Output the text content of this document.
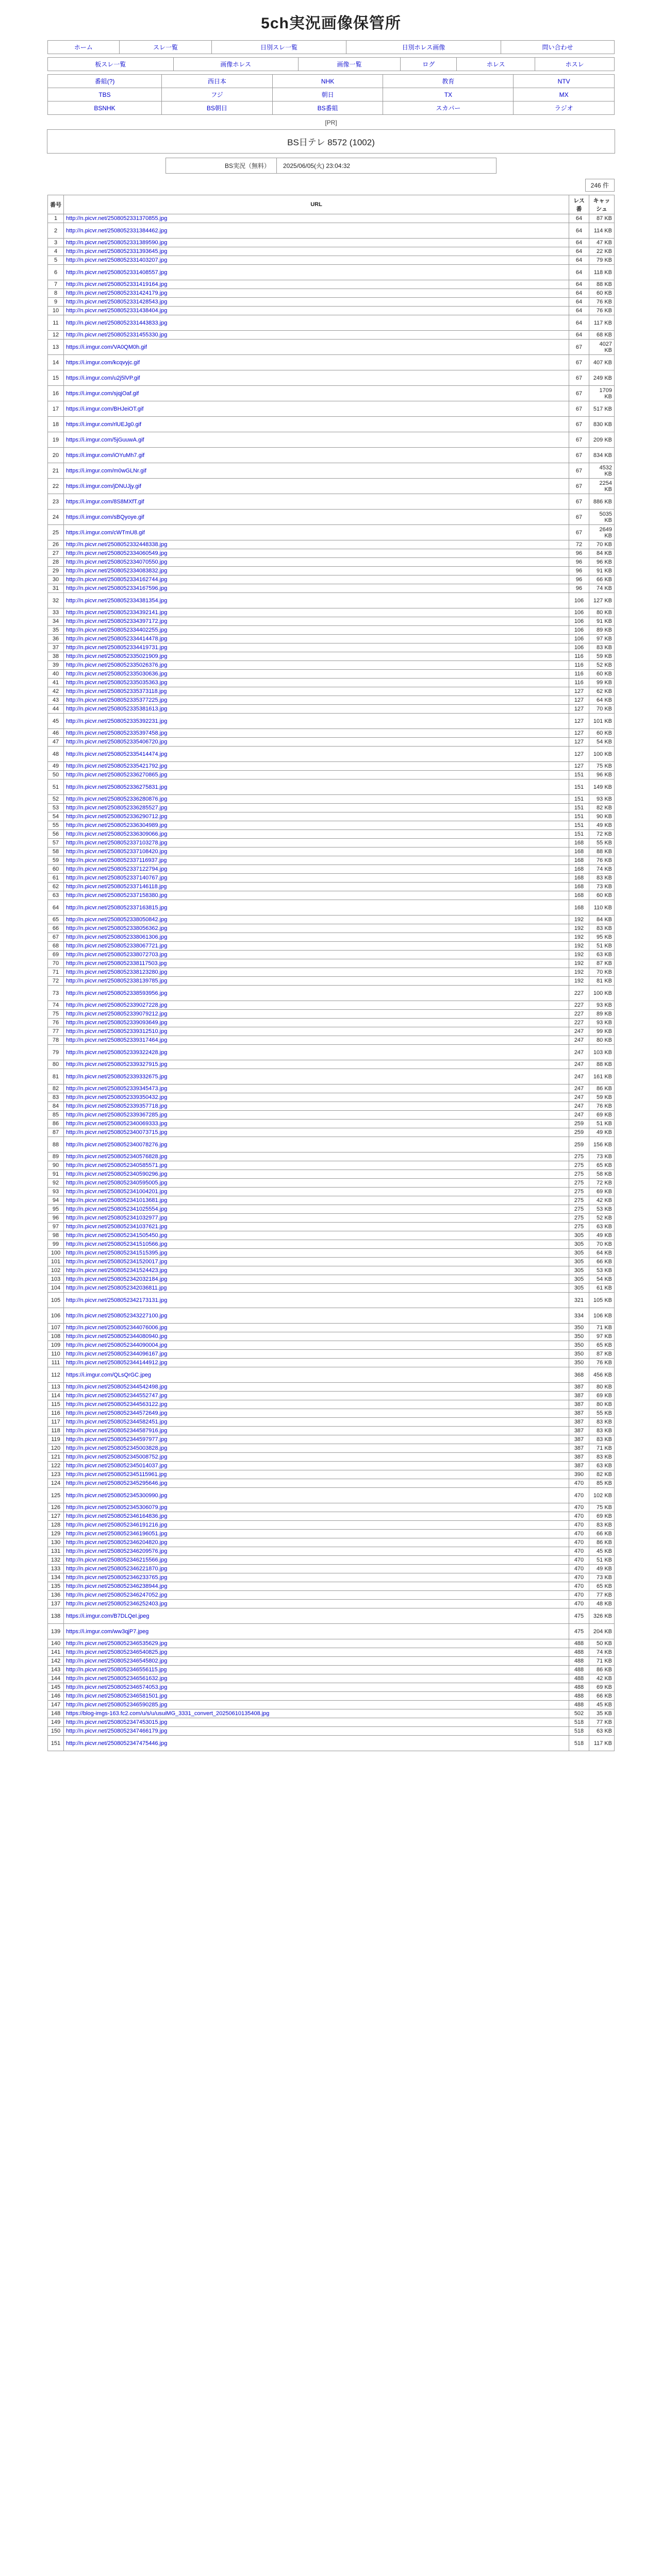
5ch実況画像保管所
ホーム	スレ一覧	日別スレ一覧	日別ホレス画像	問い合わせ
板スレ一覧	画像ホレス	画像一覧	ログ	ホレス	ホスレ
番組(?)	西日本	NHK	教育	NTV
TBS	フジ	朝日	TX	MX
BSNHK	BS朝日	BS番組	スカパー	ラジオ
[PR]
BS日テレ 8572 (1002)
BS実況（無料）	2025/06/05(火) 23:04:32
246 件
番号	URL	レス番	キャッシュ
1	http://n.picvr.net/2508052331370855.jpg	64	87 KB
2	http://n.picvr.net/2508052331384462.jpg	64	114 KB
3	http://n.picvr.net/2508052331389590.jpg	64	47 KB
4	http://n.picvr.net/2508052331393645.jpg	64	22 KB
5	http://n.picvr.net/2508052331403207.jpg	64	79 KB
6	http://n.picvr.net/2508052331408557.jpg	64	118 KB
7	http://n.picvr.net/2508052331419164.jpg	64	88 KB
8	http://n.picvr.net/2508052331424179.jpg	64	60 KB
9	http://n.picvr.net/2508052331428543.jpg	64	76 KB
10	http://n.picvr.net/2508052331438404.jpg	64	76 KB
11	http://n.picvr.net/2508052331443833.jpg	64	117 KB
12	http://n.picvr.net/2508052331455330.jpg	64	68 KB
13	https://i.imgur.com/VA0QM0h.gif	67	4027 KB
14	https://i.imgur.com/kcqvyjc.gif	67	407 KB
15	https://i.imgur.com/u2j5lVP.gif	67	249 KB
16	https://i.imgur.com/sjqjOaf.gif	67	1709 KB
17	https://i.imgur.com/BHJeiOT.gif	67	517 KB
18	https://i.imgur.com/rlUEJg0.gif	67	830 KB
19	https://i.imgur.com/5jGuuwA.gif	67	209 KB
20	https://i.imgur.com/iOYuMh7.gif	67	834 KB
21	https://i.imgur.com/m0wGLNr.gif	67	4532 KB
22	https://i.imgur.com/jDNUJjy.gif	67	2254 KB
23	https://i.imgur.com/8S8MXfT.gif	67	886 KB
24	https://i.imgur.com/sBQyoye.gif	67	5035 KB
25	https://i.imgur.com/cWTmU8.gif	67	2649 KB
26	http://n.picvr.net/2508052332448338.jpg	72	70 KB
27	http://n.picvr.net/2508052334060549.jpg	96	84 KB
28	http://n.picvr.net/2508052334070550.jpg	96	96 KB
29	http://n.picvr.net/2508052334083832.jpg	96	91 KB
30	http://n.picvr.net/2508052334162744.jpg	96	66 KB
31	http://n.picvr.net/2508052334167596.jpg	96	74 KB
32	http://n.picvr.net/2508052334381354.jpg	106	127 KB
33	http://n.picvr.net/2508052334392141.jpg	106	80 KB
34	http://n.picvr.net/2508052334397172.jpg	106	91 KB
35	http://n.picvr.net/2508052334402255.jpg	106	89 KB
36	http://n.picvr.net/2508052334414478.jpg	106	97 KB
37	http://n.picvr.net/2508052334419731.jpg	106	83 KB
38	http://n.picvr.net/2508052335021909.jpg	116	59 KB
39	http://n.picvr.net/2508052335026376.jpg	116	52 KB
40	http://n.picvr.net/2508052335030636.jpg	116	60 KB
41	http://n.picvr.net/2508052335035363.jpg	116	99 KB
42	http://n.picvr.net/2508052335373118.jpg	127	62 KB
43	http://n.picvr.net/2508052335377225.jpg	127	64 KB
44	http://n.picvr.net/2508052335381613.jpg	127	70 KB
45	http://n.picvr.net/2508052335392231.jpg	127	101 KB
46	http://n.picvr.net/2508052335397458.jpg	127	60 KB
47	http://n.picvr.net/2508052335406720.jpg	127	54 KB
48	http://n.picvr.net/2508052335414474.jpg	127	100 KB
49	http://n.picvr.net/2508052335421792.jpg	127	75 KB
50	http://n.picvr.net/2508052336270865.jpg	151	96 KB
51	http://n.picvr.net/2508052336275831.jpg	151	149 KB
52	http://n.picvr.net/2508052336280876.jpg	151	93 KB
53	http://n.picvr.net/2508052336285527.jpg	151	82 KB
54	http://n.picvr.net/2508052336290712.jpg	151	90 KB
55	http://n.picvr.net/2508052336304989.jpg	151	49 KB
56	http://n.picvr.net/2508052336309066.jpg	151	72 KB
57	http://n.picvr.net/2508052337103278.jpg	168	55 KB
58	http://n.picvr.net/2508052337108420.jpg	168	88 KB
59	http://n.picvr.net/2508052337116937.jpg	168	76 KB
60	http://n.picvr.net/2508052337122794.jpg	168	74 KB
61	http://n.picvr.net/2508052337140767.jpg	168	83 KB
62	http://n.picvr.net/2508052337146118.jpg	168	73 KB
63	http://n.picvr.net/2508052337158380.jpg	168	60 KB
64	http://n.picvr.net/2508052337163815.jpg	168	110 KB
65	http://n.picvr.net/2508052338050842.jpg	192	84 KB
66	http://n.picvr.net/2508052338056362.jpg	192	83 KB
67	http://n.picvr.net/2508052338061306.jpg	192	95 KB
68	http://n.picvr.net/2508052338067721.jpg	192	51 KB
69	http://n.picvr.net/2508052338072703.jpg	192	63 KB
70	http://n.picvr.net/2508052338117503.jpg	192	87 KB
71	http://n.picvr.net/2508052338123280.jpg	192	70 KB
72	http://n.picvr.net/2508052338139785.jpg	192	81 KB
73	http://n.picvr.net/2508052338593956.jpg	227	100 KB
74	http://n.picvr.net/2508052339027228.jpg	227	93 KB
75	http://n.picvr.net/2508052339079212.jpg	227	89 KB
76	http://n.picvr.net/2508052339093649.jpg	227	93 KB
77	http://n.picvr.net/2508052339312510.jpg	247	99 KB
78	http://n.picvr.net/2508052339317464.jpg	247	80 KB
79	http://n.picvr.net/2508052339322428.jpg	247	103 KB
80	http://n.picvr.net/2508052339327915.jpg	247	88 KB
81	http://n.picvr.net/2508052339332675.jpg	247	161 KB
82	http://n.picvr.net/2508052339345473.jpg	247	86 KB
83	http://n.picvr.net/2508052339350432.jpg	247	59 KB
84	http://n.picvr.net/2508052339357718.jpg	247	76 KB
85	http://n.picvr.net/2508052339367285.jpg	247	69 KB
86	http://n.picvr.net/2508052340069333.jpg	259	51 KB
87	http://n.picvr.net/2508052340073715.jpg	259	49 KB
88	http://n.picvr.net/2508052340078276.jpg	259	156 KB
89	http://n.picvr.net/2508052340576828.jpg	275	73 KB
90	http://n.picvr.net/2508052340585571.jpg	275	65 KB
91	http://n.picvr.net/2508052340590296.jpg	275	58 KB
92	http://n.picvr.net/2508052340595005.jpg	275	72 KB
93	http://n.picvr.net/2508052341004201.jpg	275	69 KB
94	http://n.picvr.net/2508052341013681.jpg	275	42 KB
95	http://n.picvr.net/2508052341025554.jpg	275	53 KB
96	http://n.picvr.net/2508052341032977.jpg	275	52 KB
97	http://n.picvr.net/2508052341037621.jpg	275	63 KB
98	http://n.picvr.net/2508052341505450.jpg	305	49 KB
99	http://n.picvr.net/2508052341510566.jpg	305	70 KB
100	http://n.picvr.net/2508052341515395.jpg	305	64 KB
101	http://n.picvr.net/2508052341520017.jpg	305	66 KB
102	http://n.picvr.net/2508052341524423.jpg	305	53 KB
103	http://n.picvr.net/2508052342032184.jpg	305	54 KB
104	http://n.picvr.net/2508052342036811.jpg	305	61 KB
105	http://n.picvr.net/2508052342173131.jpg	321	105 KB
106	http://n.picvr.net/2508052343227100.jpg	334	106 KB
107	http://n.picvr.net/2508052344076006.jpg	350	71 KB
108	http://n.picvr.net/2508052344080940.jpg	350	97 KB
109	http://n.picvr.net/2508052344090004.jpg	350	65 KB
110	http://n.picvr.net/2508052344096167.jpg	350	87 KB
111	http://n.picvr.net/2508052344144912.jpg	350	76 KB
112	https://i.imgur.com/QLsQrGC.jpeg	368	456 KB
113	http://n.picvr.net/2508052344542498.jpg	387	80 KB
114	http://n.picvr.net/2508052344552747.jpg	387	69 KB
115	http://n.picvr.net/2508052344563122.jpg	387	80 KB
116	http://n.picvr.net/2508052344572649.jpg	387	55 KB
117	http://n.picvr.net/2508052344582451.jpg	387	83 KB
118	http://n.picvr.net/2508052344587916.jpg	387	83 KB
119	http://n.picvr.net/2508052344597977.jpg	387	83 KB
120	http://n.picvr.net/2508052345003828.jpg	387	71 KB
121	http://n.picvr.net/2508052345008752.jpg	387	83 KB
122	http://n.picvr.net/2508052345014037.jpg	387	63 KB
123	http://n.picvr.net/2508052345115961.jpg	390	82 KB
124	http://n.picvr.net/2508052345295646.jpg	470	85 KB
125	http://n.picvr.net/2508052345300990.jpg	470	102 KB
126	http://n.picvr.net/2508052345306079.jpg	470	75 KB
127	http://n.picvr.net/2508052346164836.jpg	470	69 KB
128	http://n.picvr.net/2508052346191216.jpg	470	83 KB
129	http://n.picvr.net/2508052346196051.jpg	470	66 KB
130	http://n.picvr.net/2508052346204820.jpg	470	86 KB
131	http://n.picvr.net/2508052346209576.jpg	470	45 KB
132	http://n.picvr.net/2508052346215566.jpg	470	51 KB
133	http://n.picvr.net/2508052346221870.jpg	470	49 KB
134	http://n.picvr.net/2508052346233765.jpg	470	73 KB
135	http://n.picvr.net/2508052346238944.jpg	470	65 KB
136	http://n.picvr.net/2508052346247052.jpg	470	77 KB
137	http://n.picvr.net/2508052346252403.jpg	470	48 KB
138	https://i.imgur.com/B7DLQeI.jpeg	475	326 KB
139	https://i.imgur.com/ww3qjP7.jpeg	475	204 KB
140	http://n.picvr.net/2508052346535629.jpg	488	50 KB
141	http://n.picvr.net/2508052346540825.jpg	488	74 KB
142	http://n.picvr.net/2508052346545802.jpg	488	71 KB
143	http://n.picvr.net/2508052346556115.jpg	488	86 KB
144	http://n.picvr.net/2508052346561632.jpg	488	42 KB
145	http://n.picvr.net/2508052346574053.jpg	488	69 KB
146	http://n.picvr.net/2508052346581501.jpg	488	66 KB
147	http://n.picvr.net/2508052346590285.jpg	488	45 KB
148	https://blog-imgs-163.fc2.com/u/s/u/usuiMG_3331_convert_20250610135408.jpg	502	35 KB
149	http://n.picvr.net/2508052347453015.jpg	518	77 KB
150	http://n.picvr.net/2508052347466179.jpg	518	63 KB
151	http://n.picvr.net/2508052347475446.jpg	518	117 KB
